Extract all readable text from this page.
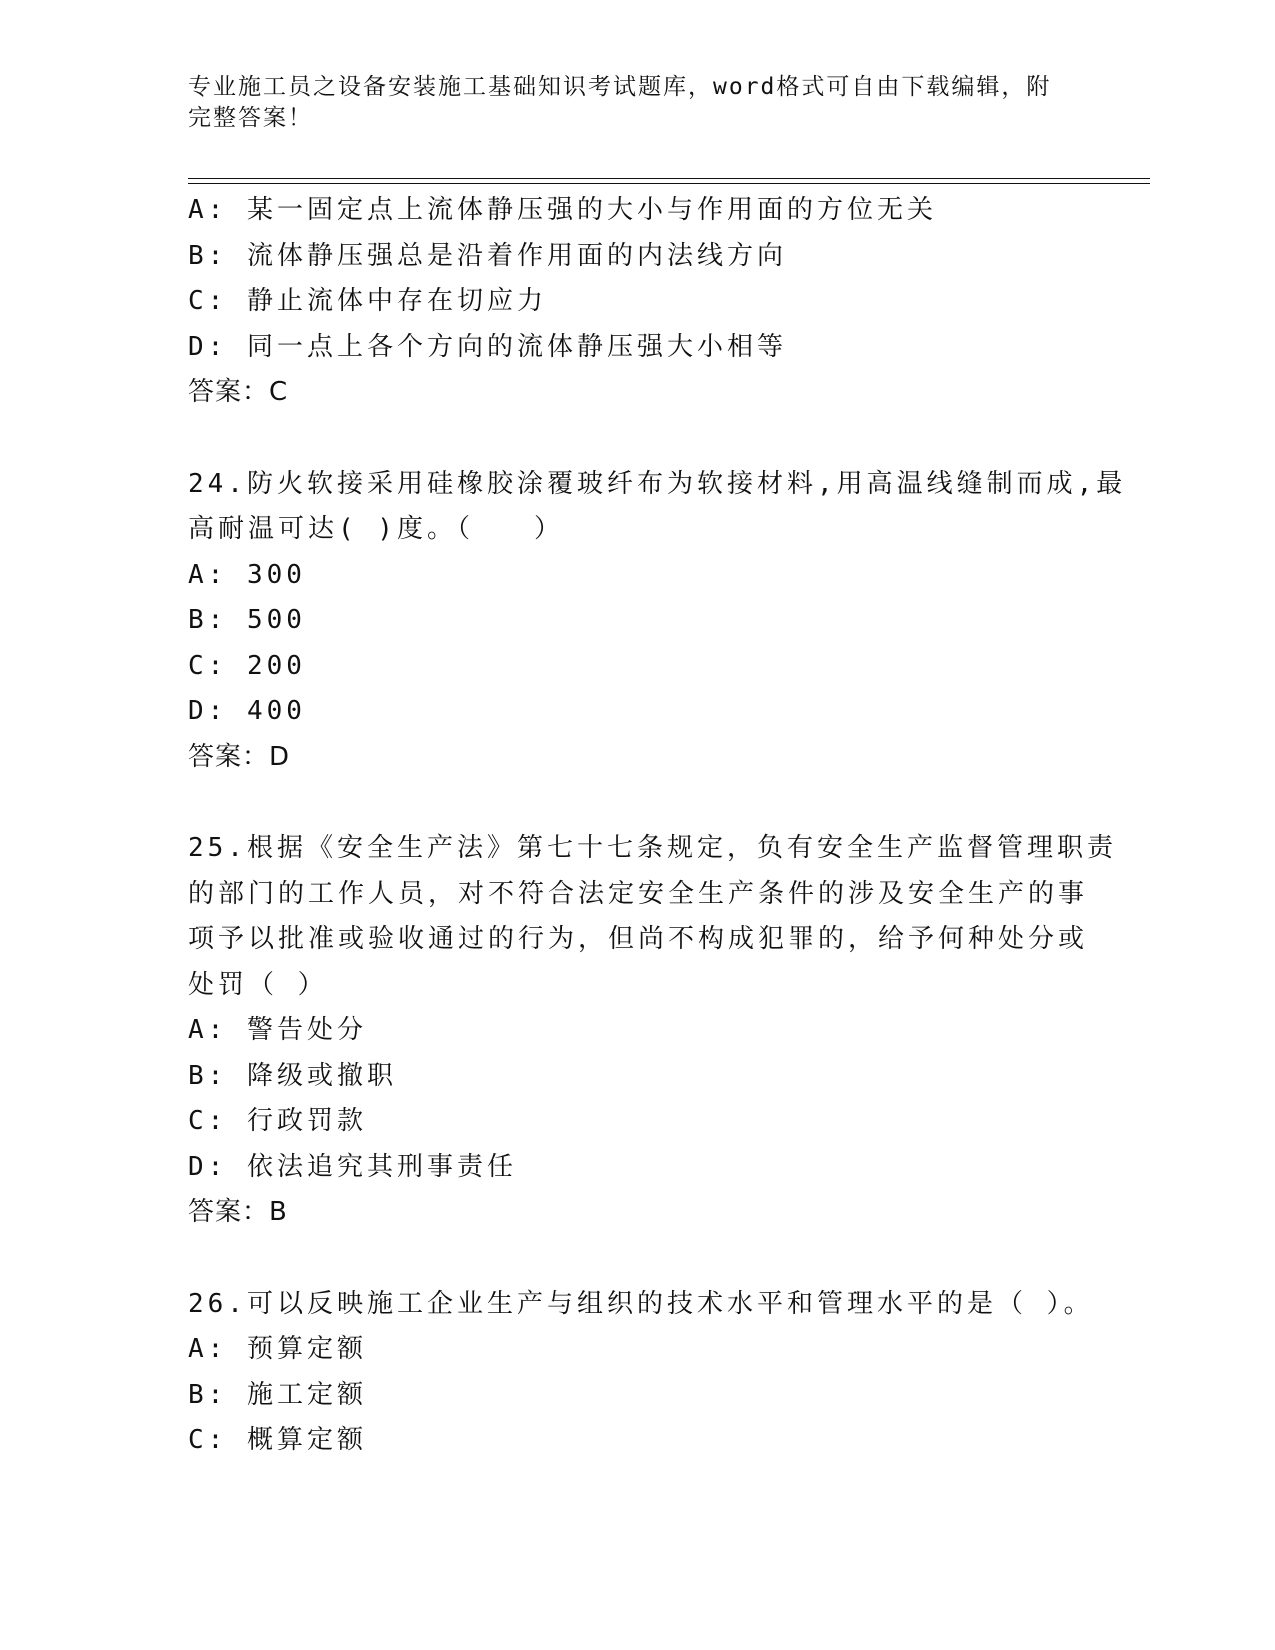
专业施工员之设备安装施工基础知识考试题库，word格式可自由下载编辑，附完整答案！
A: 某一固定点上流体静压强的大小与作用面的方位无关
B: 流体静压强总是沿着作用面的内法线方向
C: 静止流体中存在切应力
D: 同一点上各个方向的流体静压强大小相等
答案：C
24.防火软接采用硅橡胶涂覆玻纤布为软接材料,用高温线缝制而成,最
高耐温可达( )度。（　　）
A: 300
B: 500
C: 200
D: 400
答案：D
25.根据《安全生产法》第七十七条规定，负有安全生产监督管理职责
的部门的工作人员，对不符合法定安全生产条件的涉及安全生产的事
项予以批准或验收通过的行为，但尚不构成犯罪的，给予何种处分或
处罚（ ）
A: 警告处分
B: 降级或撤职
C: 行政罚款
D: 依法追究其刑事责任
答案：B
26.可以反映施工企业生产与组织的技术水平和管理水平的是（ ）。
A: 预算定额
B: 施工定额
C: 概算定额
